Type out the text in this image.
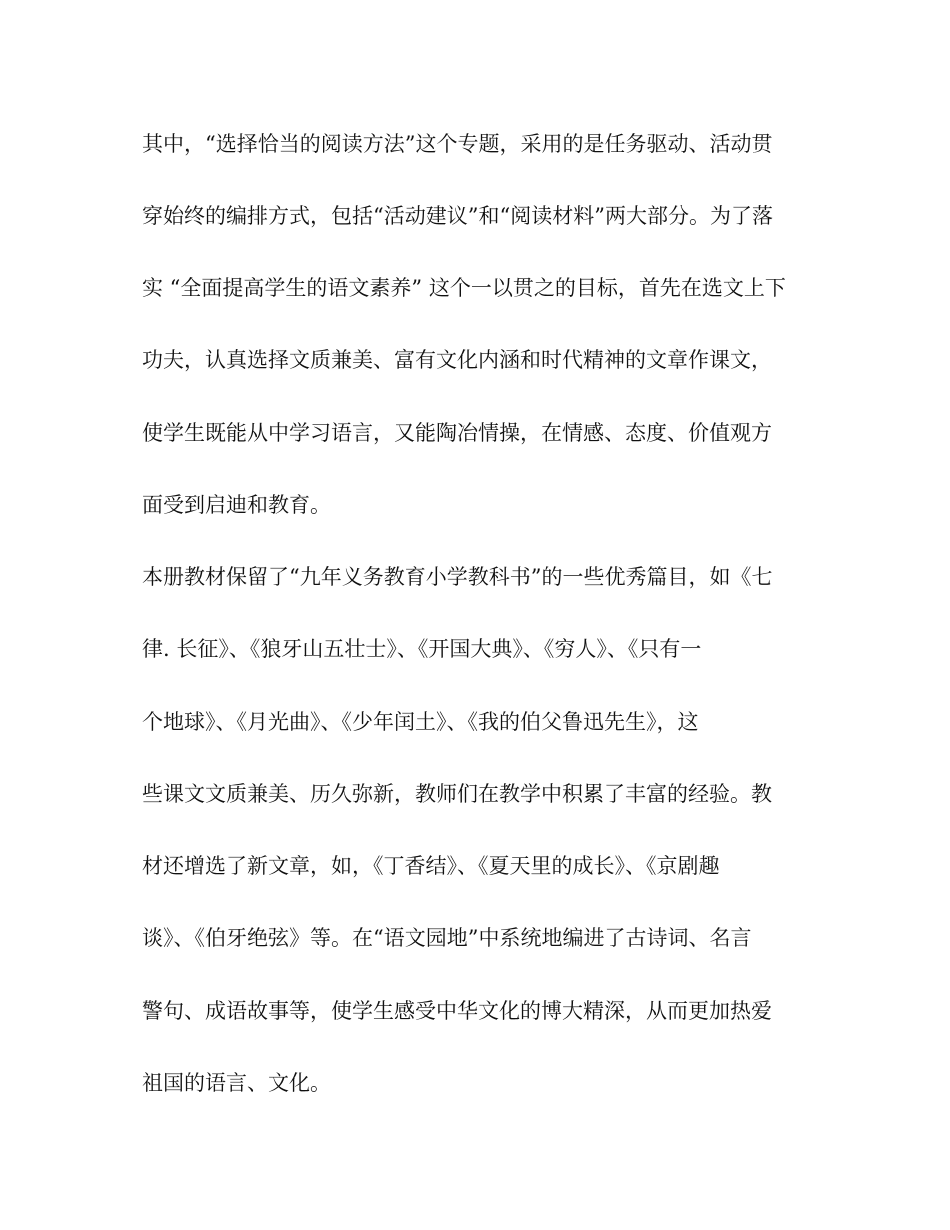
其中，“选择恰当的阅读方法”这个专题，采用的是任务驱动、活动贯
穿始终的编排方式，包括“活动建议”和“阅读材料”两大部分。为了落
实 “全面提高学生的语文素养” 这个一以贯之的目标，首先在选文上下
功夫，认真选择文质兼美、富有文化内涵和时代精神的文章作课文，
使学生既能从中学习语言，又能陶冶情操，在情感、态度、价值观方
面受到启迪和教育。
本册教材保留了“九年义务教育小学教科书”的一些优秀篇目，如《七
律. 长征》、《狼牙山五壮士》、《开国大典》、《穷人》、《只有一
个地球》、《月光曲》、《少年闰土》、《我的伯父鲁迅先生》，这
些课文文质兼美、历久弥新，教师们在教学中积累了丰富的经验。教
材还增选了新文章，如，《丁香结》、《夏天里的成长》、《京剧趣
谈》、《伯牙绝弦》等。在“语文园地”中系统地编进了古诗词、名言
警句、成语故事等，使学生感受中华文化的博大精深，从而更加热爱
祖国的语言、文化。
